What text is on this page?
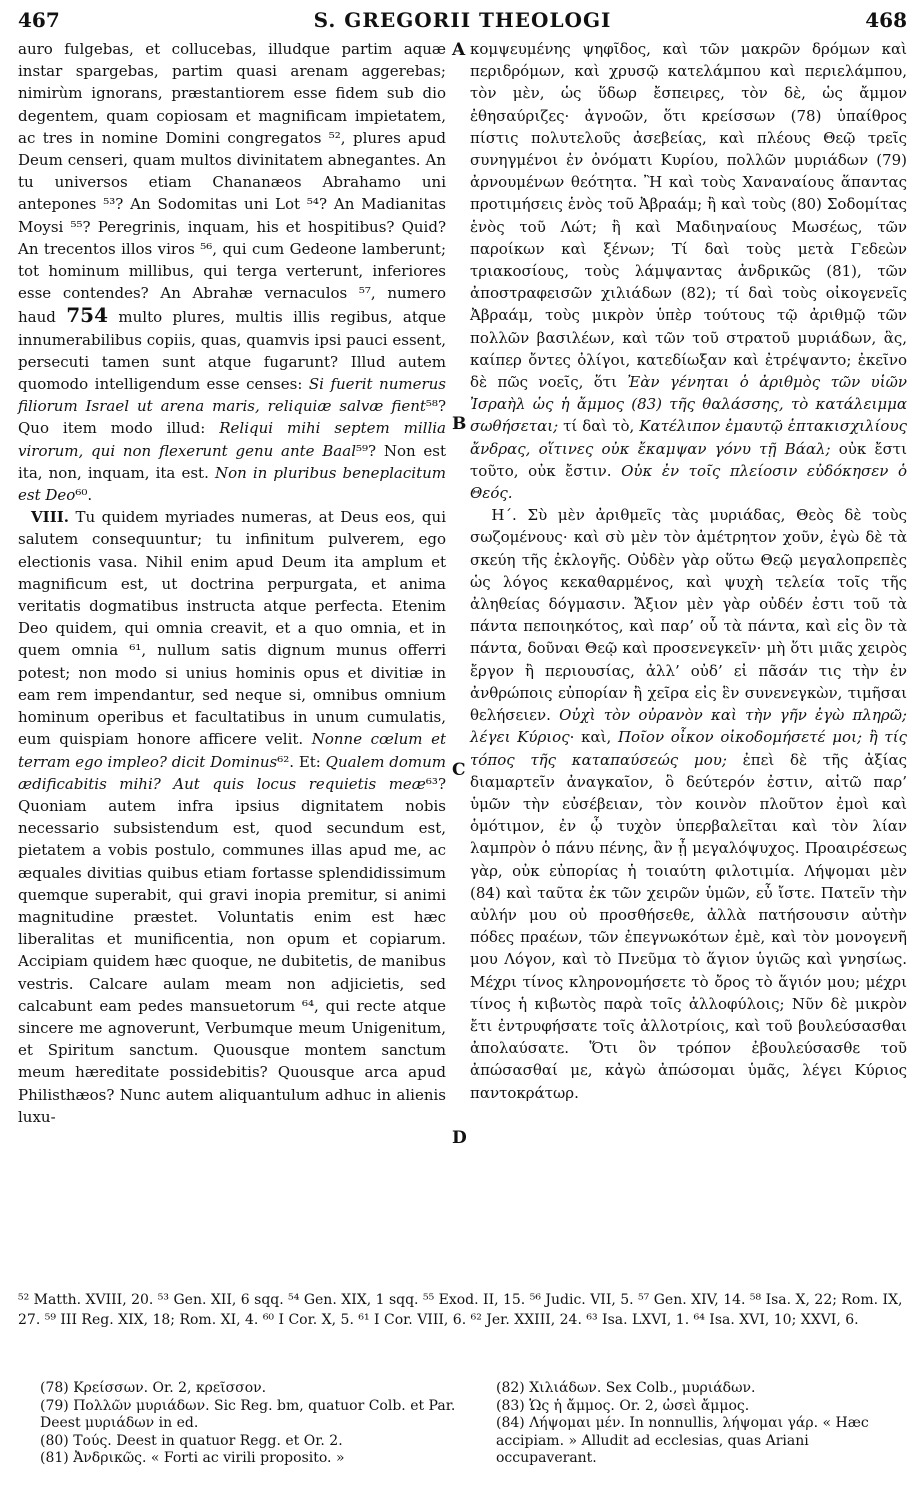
467	S. GREGORII THEOLOGI	468

auro fulgebas, et collucebas, illudque partim aquæ instar spargebas, partim quasi arenam aggerebas; nimirùm ignorans, præstantiorem esse fidem sub dio degentem, quam copiosam et magnificam impietatem, ac tres in nomine Domini congregatos ⁵², plures apud Deum censeri, quam multos divinitatem abnegantes. An tu universos etiam Chananæos Abrahamo uni antepones ⁵³? An Sodomitas uni Lot ⁵⁴? An Madianitas Moysi ⁵⁵? Peregrinis, inquam, his et hospitibus? Quid? An trecentos illos viros ⁵⁶, qui cum Gedeone lamberunt; tot hominum millibus, qui terga verterunt, inferiores esse contendes? An Abrahæ vernaculos ⁵⁷, numero haud 754 multo plures, multis illis regibus, atque innumerabilibus copiis, quas, quamvis ipsi pauci essent, persecuti tamen sunt atque fugarunt? Illud autem quomodo intelligendum esse censes: Si fuerit numerus filiorum Israel ut arena maris, reliquiæ salvæ fient⁵⁸? Quo item modo illud: Reliqui mihi septem millia virorum, qui non flexerunt genu ante Baal⁵⁹? Non est ita, non, inquam, ita est. Non in pluribus beneplacitum est Deo⁶⁰.

VIII. Tu quidem myriades numeras, at Deus eos, qui salutem consequuntur; tu infinitum pulverem, ego electionis vasa. Nihil enim apud Deum ita amplum et magnificum est, ut doctrina perpurgata, et anima veritatis dogmatibus instructa atque perfecta. Etenim Deo quidem, qui omnia creavit, et a quo omnia, et in quem omnia ⁶¹, nullum satis dignum munus offerri potest; non modo si unius hominis opus et divitiæ in eam rem impendantur, sed neque si, omnibus omnium hominum operibus et facultatibus in unum cumulatis, eum quispiam honore afficere velit. Nonne cœlum et terram ego impleo? dicit Dominus⁶². Et: Qualem domum ædificabitis mihi? Aut quis locus requietis meæ⁶³? Quoniam autem infra ipsius dignitatem nobis necessario subsistendum est, quod secundum est, pietatem a vobis postulo, communes illas apud me, ac æquales divitias quibus etiam fortasse splendidissimum quemque superabit, qui gravi inopia premitur, si animi magnitudine præstet. Voluntatis enim est hæc liberalitas et munificentia, non opum et copiarum. Accipiam quidem hæc quoque, ne dubitetis, de manibus vestris. Calcare aulam meam non adjicietis, sed calcabunt eam pedes mansuetorum ⁶⁴, qui recte atque sincere me agnoverunt, Verbumque meum Unigenitum, et Spiritum sanctum. Quousque montem sanctum meum hæreditate possidebitis? Quousque arca apud Philisthæos? Nunc autem aliquantulum adhuc in alienis luxu-

A
B
C
D

κομψευμένης ψηφῖδος, καὶ τῶν μακρῶν δρόμων καὶ περιδρόμων, καὶ χρυσῷ κατελάμπου καὶ περιελάμπου, τὸν μὲν, ὡς ὕδωρ ἔσπειρες, τὸν δὲ, ὡς ἄμμον ἐθησαύριζες· ἀγνοῶν, ὅτι κρείσσων (78) ὑπαίθρος πίστις πολυτελοῦς ἀσεβείας, καὶ πλέους Θεῷ τρεῖς συνηγμένοι ἐν ὀνόματι Κυρίου, πολλῶν μυριάδων (79) ἀρνουμένων θεότητα. Ἢ καὶ τοὺς Χαναναίους ἅπαντας προτιμήσεις ἑνὸς τοῦ Ἀβραάμ; ἢ καὶ τοὺς (80) Σοδομίτας ἑνὸς τοῦ Λώτ; ἢ καὶ Μαδιηναίους Μωσέως, τῶν παροίκων καὶ ξένων; Τί δαὶ τοὺς μετὰ Γεδεὼν τριακοσίους, τοὺς λάμψαντας ἀνδρικῶς (81), τῶν ἀποστραφεισῶν χιλιάδων (82); τί δαὶ τοὺς οἰκογενεῖς Ἀβραάμ, τοὺς μικρὸν ὑπὲρ τούτους τῷ ἀριθμῷ τῶν πολλῶν βασιλέων, καὶ τῶν τοῦ στρατοῦ μυριάδων, ἃς, καίπερ ὄντες ὀλίγοι, κατεδίωξαν καὶ ἐτρέψαντο; ἐκεῖνο δὲ πῶς νοεῖς, ὅτι Ἐὰν γένηται ὁ ἀριθμὸς τῶν υἱῶν Ἰσραὴλ ὡς ἡ ἄμμος (83) τῆς θαλάσσης, τὸ κατάλειμμα σωθήσεται; τί δαὶ τὸ, Κατέλιπον ἐμαυτῷ ἑπτακισχιλίους ἄνδρας, οἵτινες οὐκ ἔκαμψαν γόνυ τῇ Βάαλ; οὐκ ἔστι τοῦτο, οὐκ ἔστιν. Οὐκ ἐν τοῖς πλείοσιν εὐδόκησεν ὁ Θεός.

Η΄. Σὺ μὲν ἀριθμεῖς τὰς μυριάδας, Θεὸς δὲ τοὺς σωζομένους· καὶ σὺ μὲν τὸν ἀμέτρητον χοῦν, ἐγὼ δὲ τὰ σκεύη τῆς ἐκλογῆς. Οὐδὲν γὰρ οὕτω Θεῷ μεγαλοπρεπὲς ὡς λόγος κεκαθαρμένος, καὶ ψυχὴ τελεία τοῖς τῆς ἀληθείας δόγμασιν. Ἄξιον μὲν γὰρ οὐδέν ἐστι τοῦ τὰ πάντα πεποιηκότος, καὶ παρ’ οὗ τὰ πάντα, καὶ εἰς ὃν τὰ πάντα, δοῦναι Θεῷ καὶ προσενεγκεῖν· μὴ ὅτι μιᾶς χειρὸς ἔργον ἢ περιουσίας, ἀλλ’ οὐδ’ εἰ πᾶσάν τις τὴν ἐν ἀνθρώποις εὐπορίαν ἢ χεῖρα εἰς ἓν συνενεγκὼν, τιμῆσαι θελήσειεν. Οὐχὶ τὸν οὐρανὸν καὶ τὴν γῆν ἐγὼ πληρῶ; λέγει Κύριος· καὶ, Ποῖον οἶκον οἰκοδομήσετέ μοι; ἢ τίς τόπος τῆς καταπαύσεώς μου; ἐπεὶ δὲ τῆς ἀξίας διαμαρτεῖν ἀναγκαῖον, ὃ δεύτερόν ἐστιν, αἰτῶ παρ’ ὑμῶν τὴν εὐσέβειαν, τὸν κοινὸν πλοῦτον ἐμοὶ καὶ ὁμότιμον, ἐν ᾧ τυχὸν ὑπερβαλεῖται καὶ τὸν λίαν λαμπρὸν ὁ πάνυ πένης, ἂν ᾖ μεγαλόψυχος. Προαιρέσεως γὰρ, οὐκ εὐπορίας ἡ τοιαύτη φιλοτιμία. Λήψομαι μὲν (84) καὶ ταῦτα ἐκ τῶν χειρῶν ὑμῶν, εὖ ἴστε. Πατεῖν τὴν αὐλήν μου οὐ προσθήσεθε, ἀλλὰ πατήσουσιν αὐτὴν πόδες πραέων, τῶν ἐπεγνωκότων ἐμὲ, καὶ τὸν μονογενῆ μου Λόγον, καὶ τὸ Πνεῦμα τὸ ἅγιον ὑγιῶς καὶ γνησίως. Μέχρι τίνος κληρονομήσετε τὸ ὄρος τὸ ἅγιόν μου; μέχρι τίνος ἡ κιβωτὸς παρὰ τοῖς ἀλλοφύλοις; Νῦν δὲ μικρὸν ἔτι ἐντρυφήσατε τοῖς ἀλλοτρίοις, καὶ τοῦ βουλεύσασθαι ἀπολαύσατε. Ὅτι ὃν τρόπον ἐβουλεύσασθε τοῦ ἀπώσασθαί με, κἀγὼ ἀπώσομαι ὑμᾶς, λέγει Κύριος παντοκράτωρ.

⁵² Matth. XVIII, 20. ⁵³ Gen. XII, 6 sqq. ⁵⁴ Gen. XIX, 1 sqq. ⁵⁵ Exod. II, 15. ⁵⁶ Judic. VII, 5. ⁵⁷ Gen. XIV, 14. ⁵⁸ Isa. X, 22; Rom. IX, 27. ⁵⁹ III Reg. XIX, 18; Rom. XI, 4. ⁶⁰ I Cor. X, 5. ⁶¹ I Cor. VIII, 6. ⁶² Jer. XXIII, 24. ⁶³ Isa. LXVI, 1. ⁶⁴ Isa. XVI, 10; XXVI, 6.

(78) Κρείσσων. Or. 2, κρεῖσσον.

(79) Πολλῶν μυριάδων. Sic Reg. bm, quatuor Colb. et Par. Deest μυριάδων in ed.

(80) Τούς. Deest in quatuor Regg. et Or. 2.

(81) Ἀνδρικῶς. « Forti ac virili proposito. »

(82) Χιλιάδων. Sex Colb., μυριάδων.

(83) Ὡς ἡ ἄμμος. Or. 2, ὡσεὶ ἄμμος.

(84) Λήψομαι μέν. In nonnullis, λήψομαι γάρ. « Hæc accipiam. » Alludit ad ecclesias, quas Ariani occupaverant.
